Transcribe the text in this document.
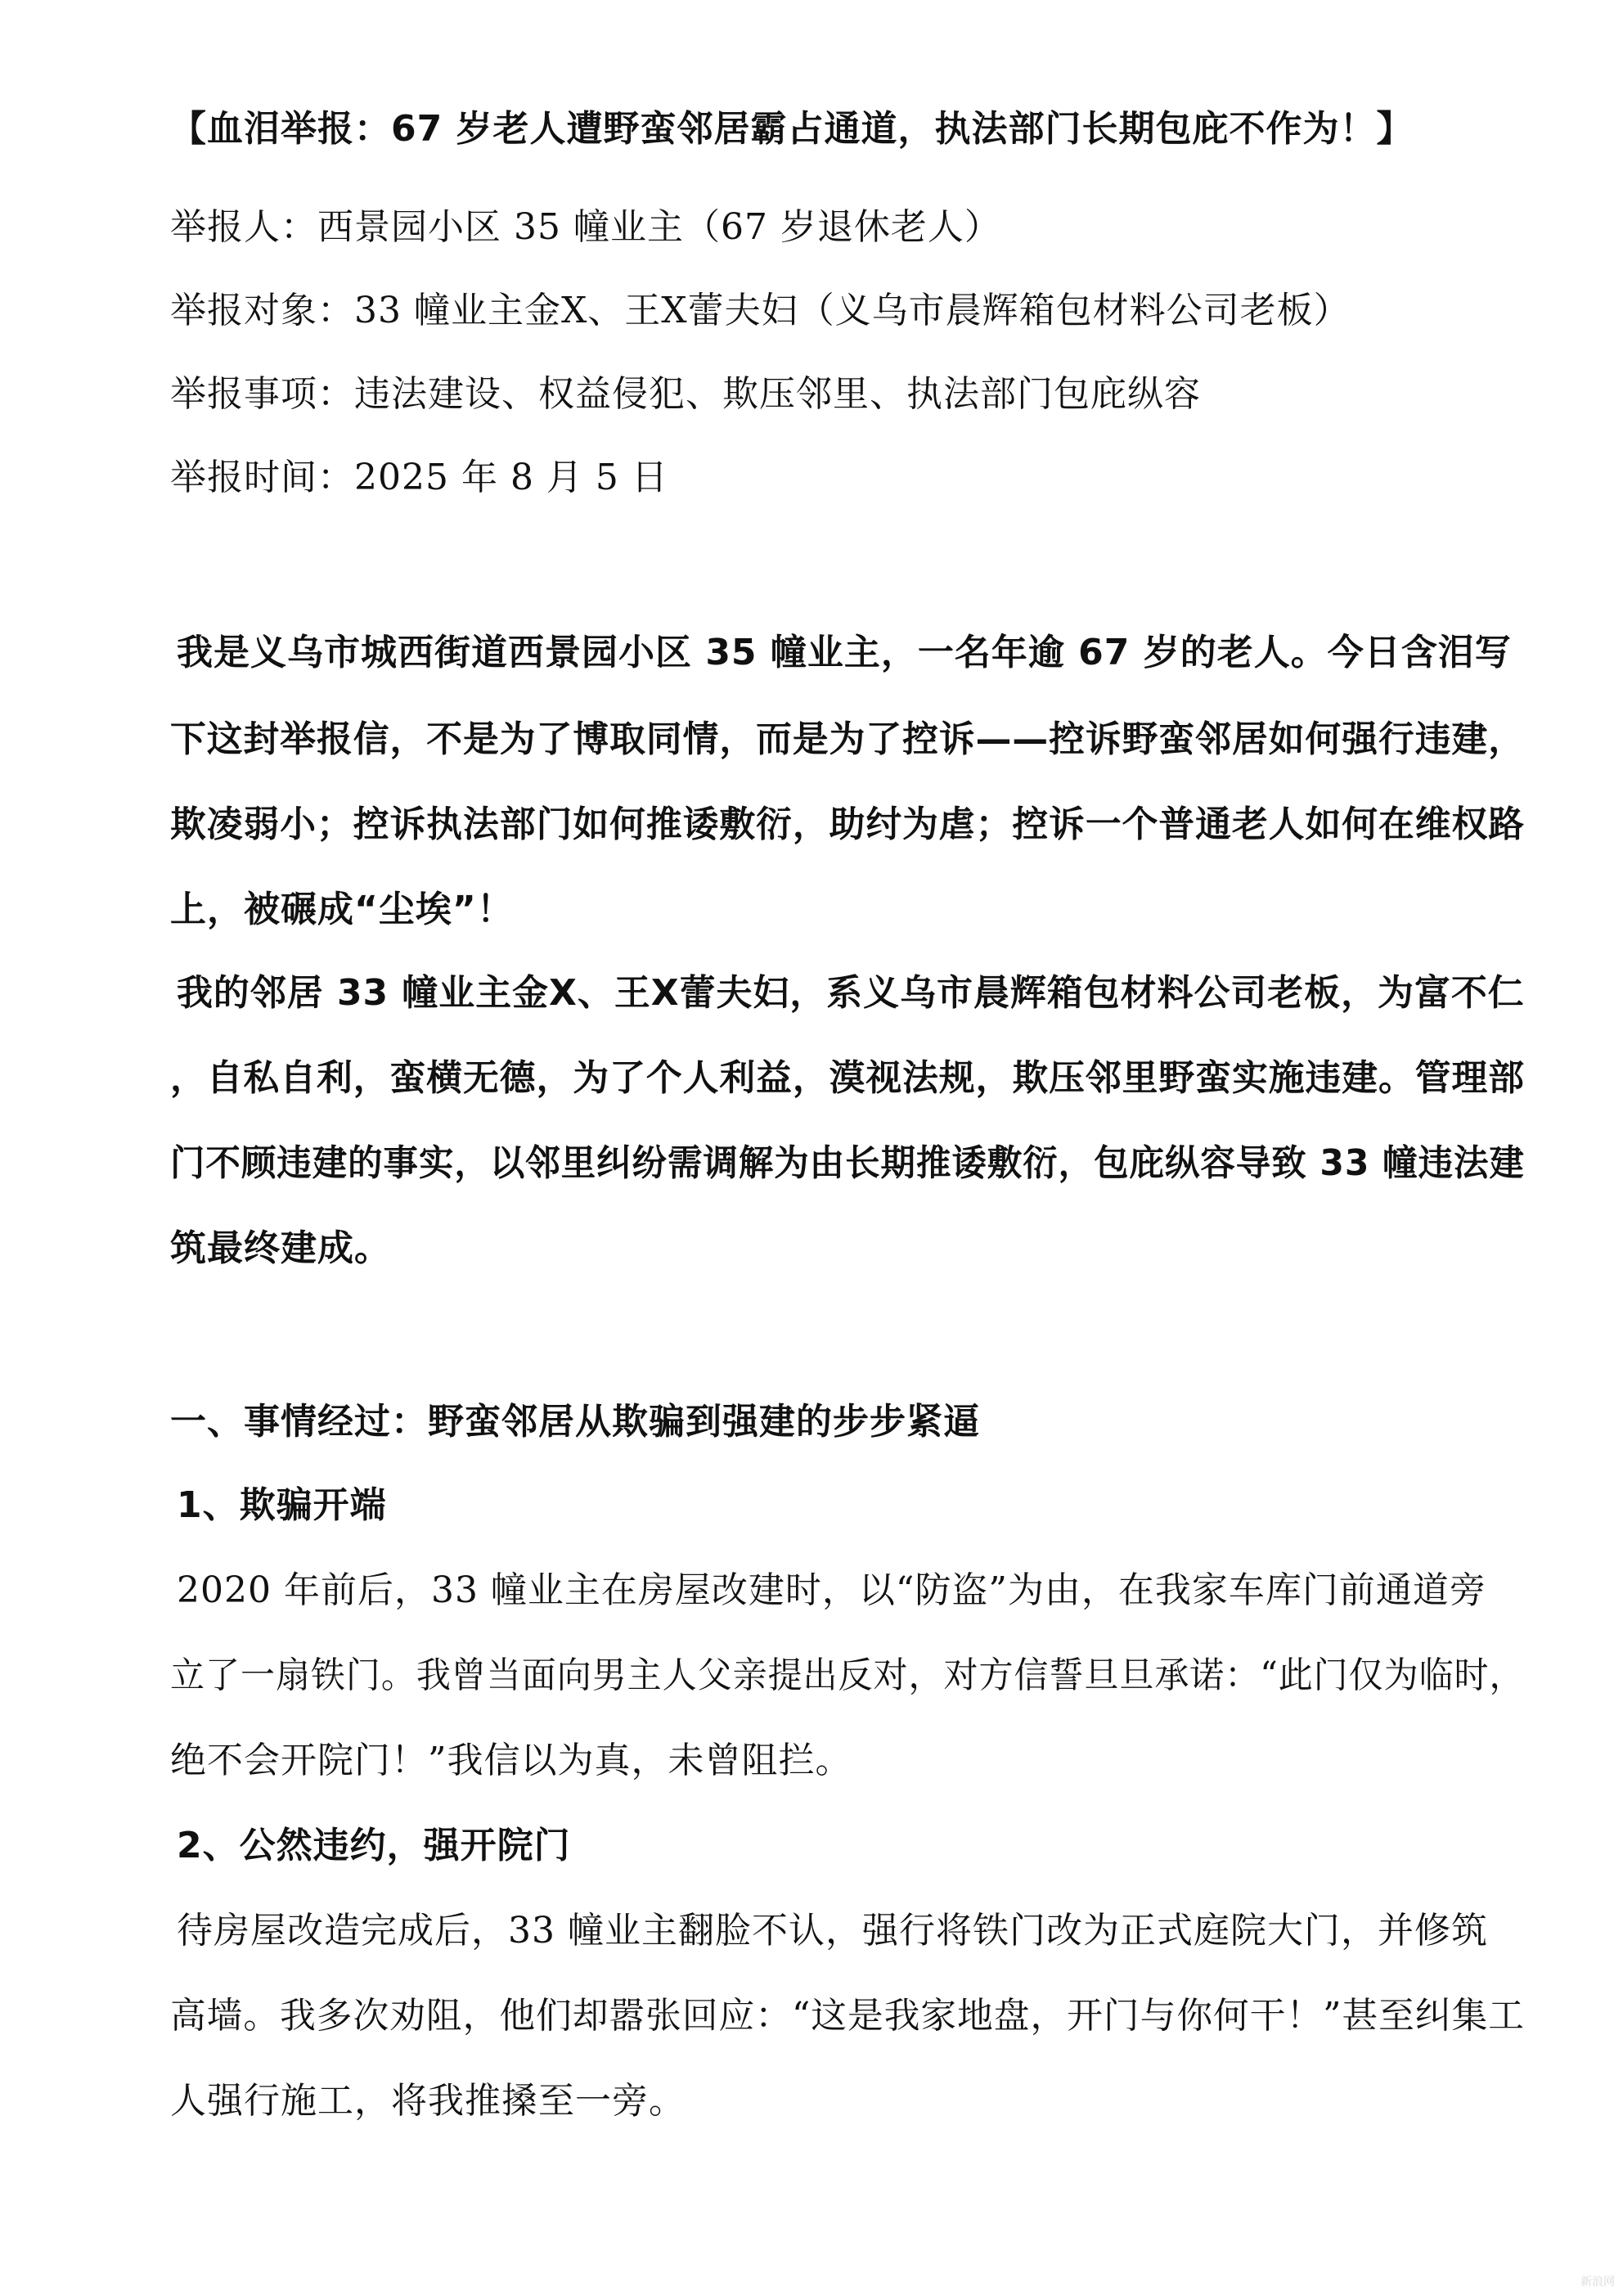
【血泪举报：67 岁老人遭野蛮邻居霸占通道，执法部门长期包庇不作为！】
举报人：西景园小区 35 幢业主（67 岁退休老人）
举报对象：33 幢业主金X、王X蕾夫妇（义乌市晨辉箱包材料公司老板）
举报事项：违法建设、权益侵犯、欺压邻里、执法部门包庇纵容
举报时间：2025 年 8 月 5 日
我是义乌市城西街道西景园小区 35 幢业主，一名年逾 67 岁的老人。今日含泪写
下这封举报信，不是为了博取同情，而是为了控诉——控诉野蛮邻居如何强行违建，
欺凌弱小；控诉执法部门如何推诿敷衍，助纣为虐；控诉一个普通老人如何在维权路
上，被碾成“尘埃”！
我的邻居 33 幢业主金X、王X蕾夫妇，系义乌市晨辉箱包材料公司老板，为富不仁
，自私自利，蛮横无德，为了个人利益，漠视法规，欺压邻里野蛮实施违建。管理部
门不顾违建的事实，以邻里纠纷需调解为由长期推诿敷衍，包庇纵容导致 33 幢违法建
筑最终建成。
一、事情经过：野蛮邻居从欺骗到强建的步步紧逼
1、欺骗开端
2020 年前后，33 幢业主在房屋改建时，以“防盗”为由，在我家车库门前通道旁
立了一扇铁门。我曾当面向男主人父亲提出反对，对方信誓旦旦承诺：“此门仅为临时，
绝不会开院门！”我信以为真，未曾阻拦。
2、公然违约，强开院门
待房屋改造完成后，33 幢业主翻脸不认，强行将铁门改为正式庭院大门，并修筑
高墙。我多次劝阻，他们却嚣张回应：“这是我家地盘，开门与你何干！”甚至纠集工
人强行施工，将我推搡至一旁。
新浪网
